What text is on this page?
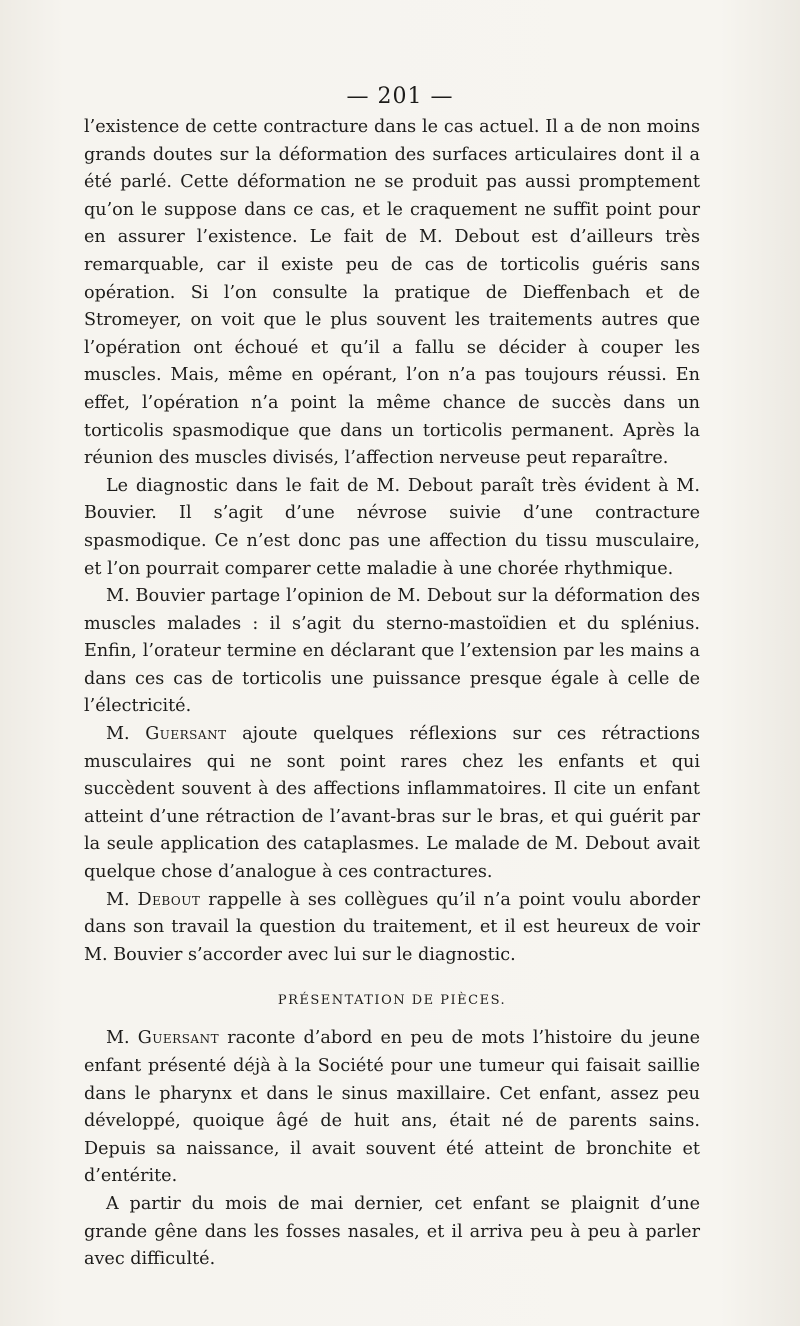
— 201 —

l’existence de cette contracture dans le cas actuel. Il a de non moins grands doutes sur la déformation des surfaces articulaires dont il a été parlé. Cette déformation ne se produit pas aussi promptement qu’on le suppose dans ce cas, et le craquement ne suffit point pour en assurer l’existence. Le fait de M. Debout est d’ailleurs très remarquable, car il existe peu de cas de torticolis guéris sans opération. Si l’on consulte la pratique de Dieffenbach et de Stromeyer, on voit que le plus souvent les traitements autres que l’opération ont échoué et qu’il a fallu se décider à couper les muscles. Mais, même en opérant, l’on n’a pas toujours réussi. En effet, l’opération n’a point la même chance de succès dans un torticolis spasmodique que dans un torticolis permanent. Après la réunion des muscles divisés, l’affection nerveuse peut reparaître.

Le diagnostic dans le fait de M. Debout paraît très évident à M. Bouvier. Il s’agit d’une névrose suivie d’une contracture spasmodique. Ce n’est donc pas une affection du tissu musculaire, et l’on pourrait comparer cette maladie à une chorée rhythmique.

M. Bouvier partage l’opinion de M. Debout sur la déformation des muscles malades : il s’agit du sterno-mastoïdien et du splénius. Enfin, l’orateur termine en déclarant que l’extension par les mains a dans ces cas de torticolis une puissance presque égale à celle de l’électricité.

M. Guersant ajoute quelques réflexions sur ces rétractions musculaires qui ne sont point rares chez les enfants et qui succèdent souvent à des affections inflammatoires. Il cite un enfant atteint d’une rétraction de l’avant-bras sur le bras, et qui guérit par la seule application des cataplasmes. Le malade de M. Debout avait quelque chose d’analogue à ces contractures.

M. Debout rappelle à ses collègues qu’il n’a point voulu aborder dans son travail la question du traitement, et il est heureux de voir M. Bouvier s’accorder avec lui sur le diagnostic.

PRÉSENTATION DE PIÈCES.

M. Guersant raconte d’abord en peu de mots l’histoire du jeune enfant présenté déjà à la Société pour une tumeur qui faisait saillie dans le pharynx et dans le sinus maxillaire. Cet enfant, assez peu développé, quoique âgé de huit ans, était né de parents sains. Depuis sa naissance, il avait souvent été atteint de bronchite et d’entérite.

A partir du mois de mai dernier, cet enfant se plaignit d’une grande gêne dans les fosses nasales, et il arriva peu à peu à parler avec difficulté.
